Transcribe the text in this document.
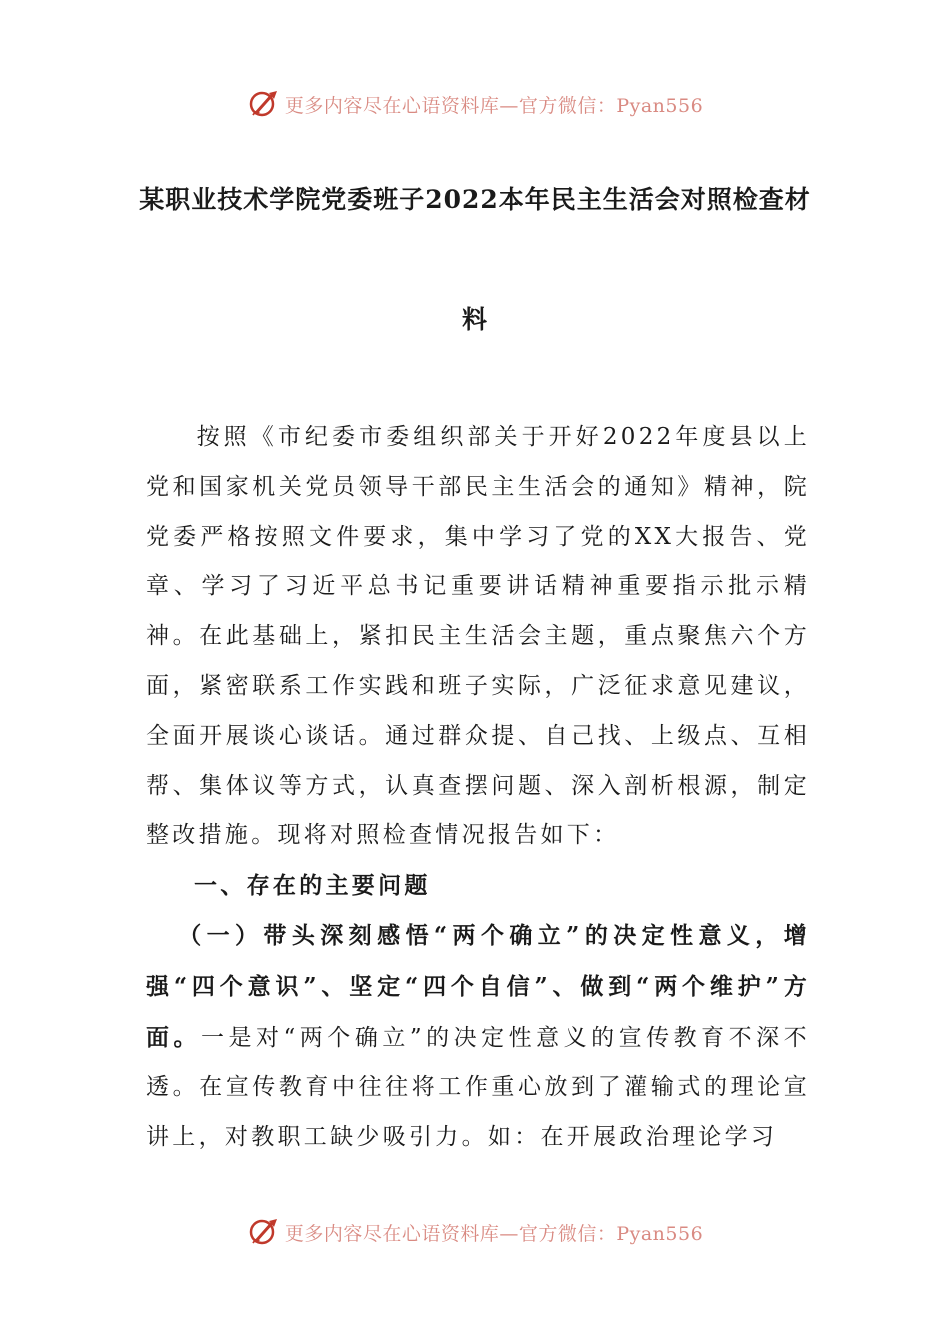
更多内容尽在心语资料库—官方微信：Pyan556
某职业技术学院党委班子2022本年民主生活会对照检查材
料

按照《市纪委市委组织部关于开好2022年度县以上党和国家机关党员领导干部民主生活会的通知》精神，院党委严格按照文件要求，集中学习了党的XX大报告、党章、学习了习近平总书记重要讲话精神重要指示批示精神。在此基础上，紧扣民主生活会主题，重点聚焦六个方面，紧密联系工作实践和班子实际，广泛征求意见建议，全面开展谈心谈话。通过群众提、自己找、上级点、互相帮、集体议等方式，认真查摆问题、深入剖析根源，制定整改措施。现将对照检查情况报告如下：

一、存在的主要问题

（一）带头深刻感悟“两个确立”的决定性意义，增强“四个意识”、坚定“四个自信”、做到“两个维护”方面。一是对“两个确立”的决定性意义的宣传教育不深不透。在宣传教育中往往将工作重心放到了灌输式的理论宣讲上，对教职工缺少吸引力。如：在开展政治理论学习

更多内容尽在心语资料库—官方微信：Pyan556
